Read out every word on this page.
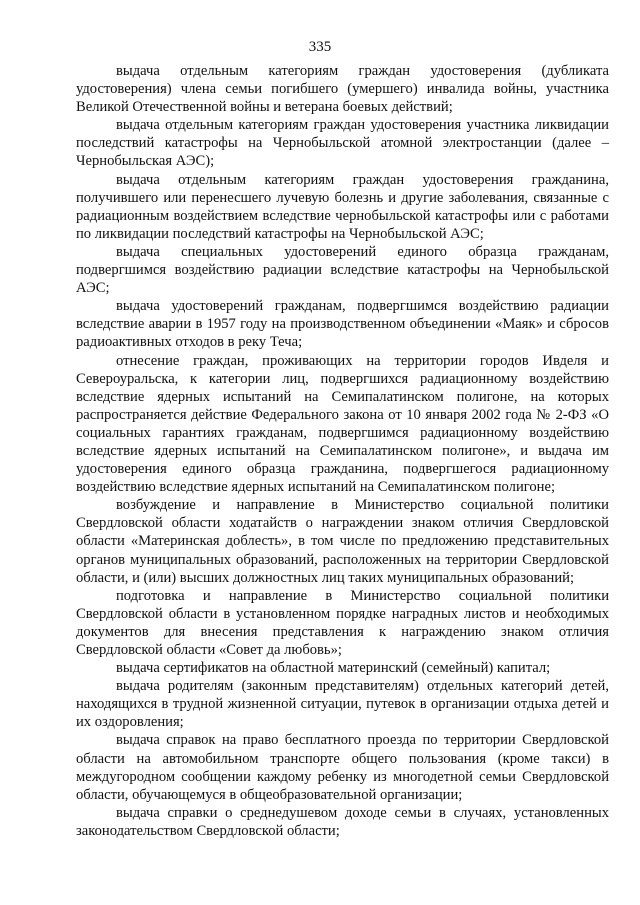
335

выдача отдельным категориям граждан удостоверения (дубликата удостоверения) члена семьи погибшего (умершего) инвалида войны, участника Великой Отечественной войны и ветерана боевых действий;

выдача отдельным категориям граждан удостоверения участника ликвидации последствий катастрофы на Чернобыльской атомной электростанции (далее – Чернобыльская АЭС);

выдача отдельным категориям граждан удостоверения гражданина, получившего или перенесшего лучевую болезнь и другие заболевания, связанные с радиационным воздействием вследствие чернобыльской катастрофы или с работами по ликвидации последствий катастрофы на Чернобыльской АЭС;

выдача специальных удостоверений единого образца гражданам, подвергшимся воздействию радиации вследствие катастрофы на Чернобыльской АЭС;

выдача удостоверений гражданам, подвергшимся воздействию радиации вследствие аварии в 1957 году на производственном объединении «Маяк» и сбросов радиоактивных отходов в реку Теча;

отнесение граждан, проживающих на территории городов Ивделя и Североуральска, к категории лиц, подвергшихся радиационному воздействию вследствие ядерных испытаний на Семипалатинском полигоне, на которых распространяется действие Федерального закона от 10 января 2002 года № 2-ФЗ «О социальных гарантиях гражданам, подвергшимся радиационному воздействию вследствие ядерных испытаний на Семипалатинском полигоне», и выдача им удостоверения единого образца гражданина, подвергшегося радиационному воздействию вследствие ядерных испытаний на Семипалатинском полигоне;

возбуждение и направление в Министерство социальной политики Свердловской области ходатайств о награждении знаком отличия Свердловской области «Материнская доблесть», в том числе по предложению представительных органов муниципальных образований, расположенных на территории Свердловской области, и (или) высших должностных лиц таких муниципальных образований;

подготовка и направление в Министерство социальной политики Свердловской области в установленном порядке наградных листов и необходимых документов для внесения представления к награждению знаком отличия Свердловской области «Совет да любовь»;

выдача сертификатов на областной материнский (семейный) капитал;

выдача родителям (законным представителям) отдельных категорий детей, находящихся в трудной жизненной ситуации, путевок в организации отдыха детей и их оздоровления;

выдача справок на право бесплатного проезда по территории Свердловской области на автомобильном транспорте общего пользования (кроме такси) в междугородном сообщении каждому ребенку из многодетной семьи Свердловской области, обучающемуся в общеобразовательной организации;

выдача справки о среднедушевом доходе семьи в случаях, установленных законодательством Свердловской области;
